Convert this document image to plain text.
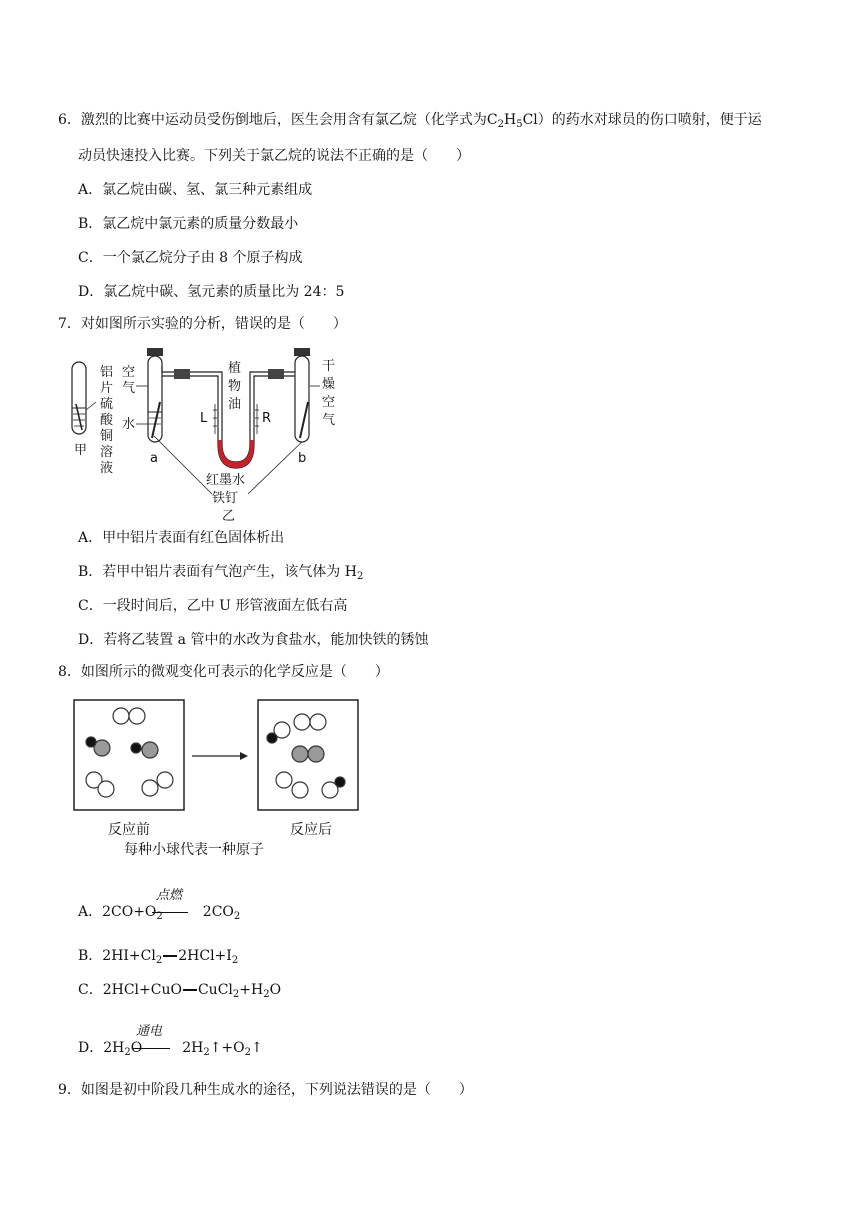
6．激烈的比赛中运动员受伤倒地后，医生会用含有氯乙烷（化学式为$C_2H_5Cl$）的药水对球员的伤口喷射，便于运
动员快速投入比赛。下列关于氯乙烷的说法不正确的是（　　）
A．氯乙烷由碳、氢、氯三种元素组成
B．氯乙烷中氯元素的质量分数最小
C．一个氯乙烷分子由 8 个原子构成
D．氯乙烷中碳、氢元素的质量比为 24：5
7．对如图所示实验的分析，错误的是（　　）
铝
片
硫
酸
铜
溶
液
甲
空
气
水
a
植
物
油
L	R
红墨水
铁钉
乙
b
干
燥
空
气
A．甲中铝片表面有红色固体析出
B．若甲中铝片表面有气泡产生，该气体为 $H_2$
C．一段时间后，乙中 U 形管液面左低右高
D．若将乙装置 a 管中的水改为食盐水，能加快铁的锈蚀
8．如图所示的微观变化可表示的化学反应是（　　）
反应前	反应后
每种小球代表一种原子
点燃
A．$2CO+O_2$	$2CO_2$
B．$2HI+Cl_2$ $2HCl+I_2$
C．2HCl+CuO $CuCl_2+H_2O$
通电
D．$2H_2O$	$2H_2↑+O_2↑$
9．如图是初中阶段几种生成水的途径，下列说法错误的是（　　）
